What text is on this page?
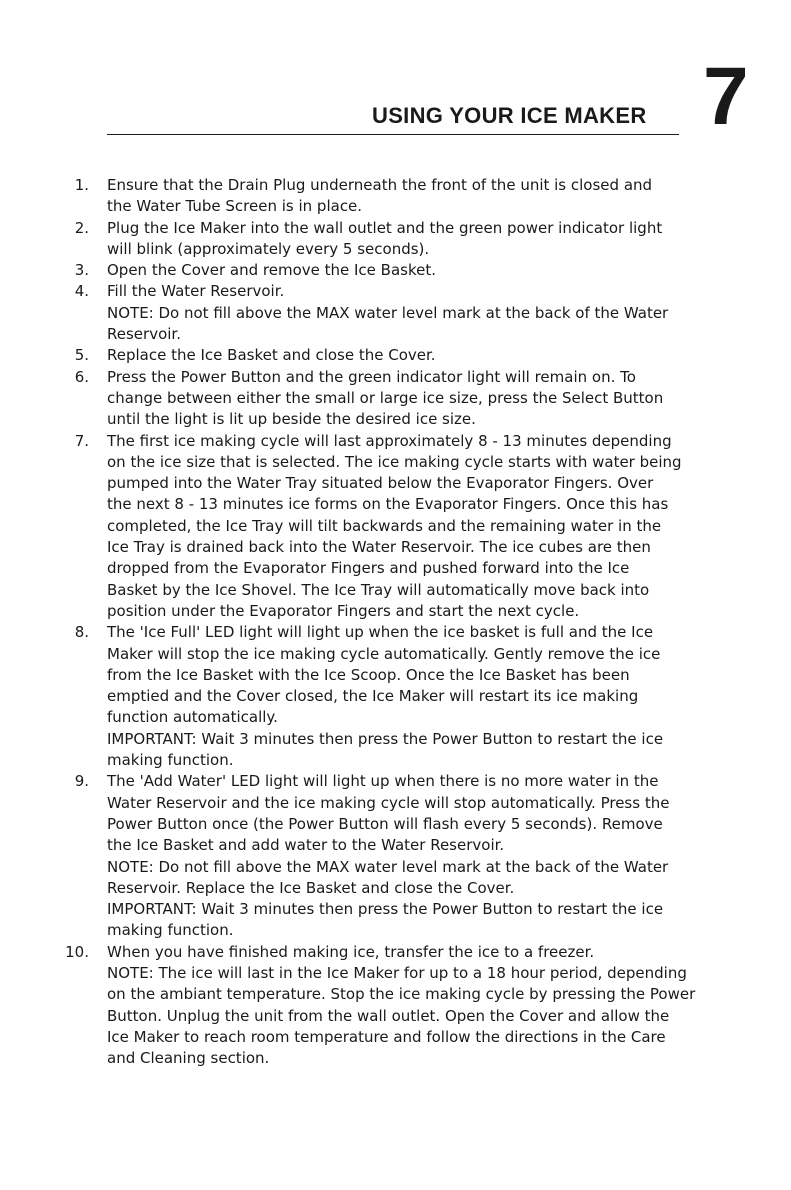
USING YOUR ICE MAKER 7
1. Ensure that the Drain Plug underneath the front of the unit is closed and
the Water Tube Screen is in place.
2. Plug the Ice Maker into the wall outlet and the green power indicator light
will blink (approximately every 5 seconds).
3. Open the Cover and remove the Ice Basket.
4. Fill the Water Reservoir.
NOTE: Do not fill above the MAX water level mark at the back of the Water
Reservoir.
5. Replace the Ice Basket and close the Cover.
6. Press the Power Button and the green indicator light will remain on. To
change between either the small or large ice size, press the Select Button
until the light is lit up beside the desired ice size.
7. The first ice making cycle will last approximately 8 - 13 minutes depending
on the ice size that is selected. The ice making cycle starts with water being
pumped into the Water Tray situated below the Evaporator Fingers. Over
the next 8 - 13 minutes ice forms on the Evaporator Fingers. Once this has
completed, the Ice Tray will tilt backwards and the remaining water in the
Ice Tray is drained back into the Water Reservoir. The ice cubes are then
dropped from the Evaporator Fingers and pushed forward into the Ice
Basket by the Ice Shovel. The Ice Tray will automatically move back into
position under the Evaporator Fingers and start the next cycle.
8. The 'Ice Full' LED light will light up when the ice basket is full and the Ice
Maker will stop the ice making cycle automatically. Gently remove the ice
from the Ice Basket with the Ice Scoop. Once the Ice Basket has been
emptied and the Cover closed, the Ice Maker will restart its ice making
function automatically.
IMPORTANT: Wait 3 minutes then press the Power Button to restart the ice
making function.
9. The 'Add Water' LED light will light up when there is no more water in the
Water Reservoir and the ice making cycle will stop automatically. Press the
Power Button once (the Power Button will flash every 5 seconds). Remove
the Ice Basket and add water to the Water Reservoir.
NOTE: Do not fill above the MAX water level mark at the back of the Water
Reservoir. Replace the Ice Basket and close the Cover.
IMPORTANT: Wait 3 minutes then press the Power Button to restart the ice
making function.
10. When you have finished making ice, transfer the ice to a freezer.
NOTE: The ice will last in the Ice Maker for up to a 18 hour period, depending
on the ambiant temperature. Stop the ice making cycle by pressing the Power
Button. Unplug the unit from the wall outlet. Open the Cover and allow the
Ice Maker to reach room temperature and follow the directions in the Care
and Cleaning section.
